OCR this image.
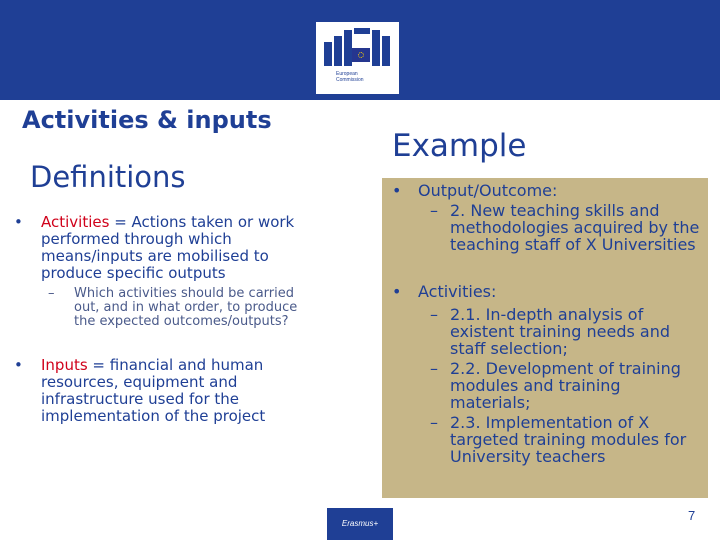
European
Commission
Activities & inputs
Definitions
Example
• Activities = Actions taken or work performed through which means/inputs are mobilised to produce specific outputs
– Which activities should be carried out, and in what order, to produce the expected outcomes/outputs?
• Inputs = financial and human resources, equipment and infrastructure used for the implementation of the project
• Output/Outcome:
– 2. New teaching skills and methodologies acquired by the teaching staff of X Universities
• Activities:
– 2.1. In-depth analysis of existent training needs and staff selection;
– 2.2. Development of training modules and training materials;
– 2.3. Implementation of X targeted training modules for University teachers
Erasmus+
7
